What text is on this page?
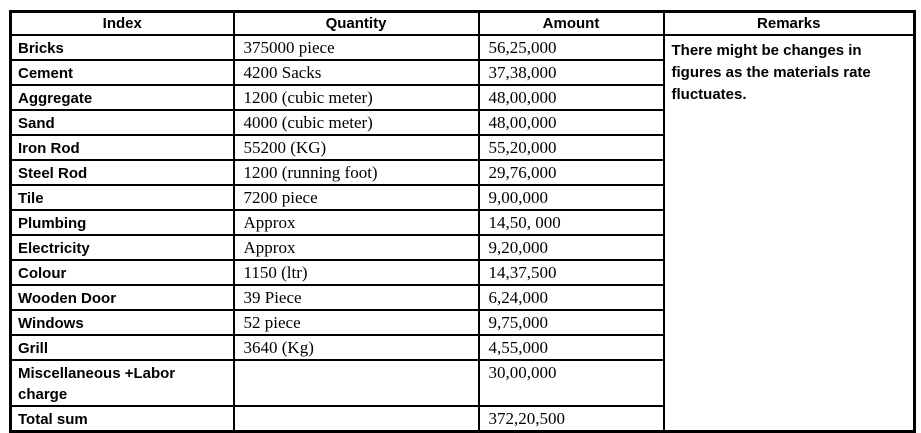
Index	Quantity	Amount	Remarks
Bricks	375000 piece	56,25,000	There might be changes in
figures as the materials rate
fluctuates.

Cement	4200 Sacks	37,38,000	
Aggregate	1200 (cubic meter)	48,00,000	
Sand	4000 (cubic meter)	48,00,000	
Iron Rod	55200 (KG)	55,20,000	
Steel Rod	1200 (running foot)	29,76,000	
Tile	7200 piece	9,00,000	
Plumbing	Approx	14,50, 000	
Electricity	Approx	9,20,000	
Colour	1150 (ltr)	14,37,500	
Wooden Door	39 Piece	6,24,000	
Windows	52 piece	9,75,000	
Grill	3640 (Kg)	4,55,000	

Miscellaneous +Labor charge		30,00,000	
Total sum		372,20,500	
